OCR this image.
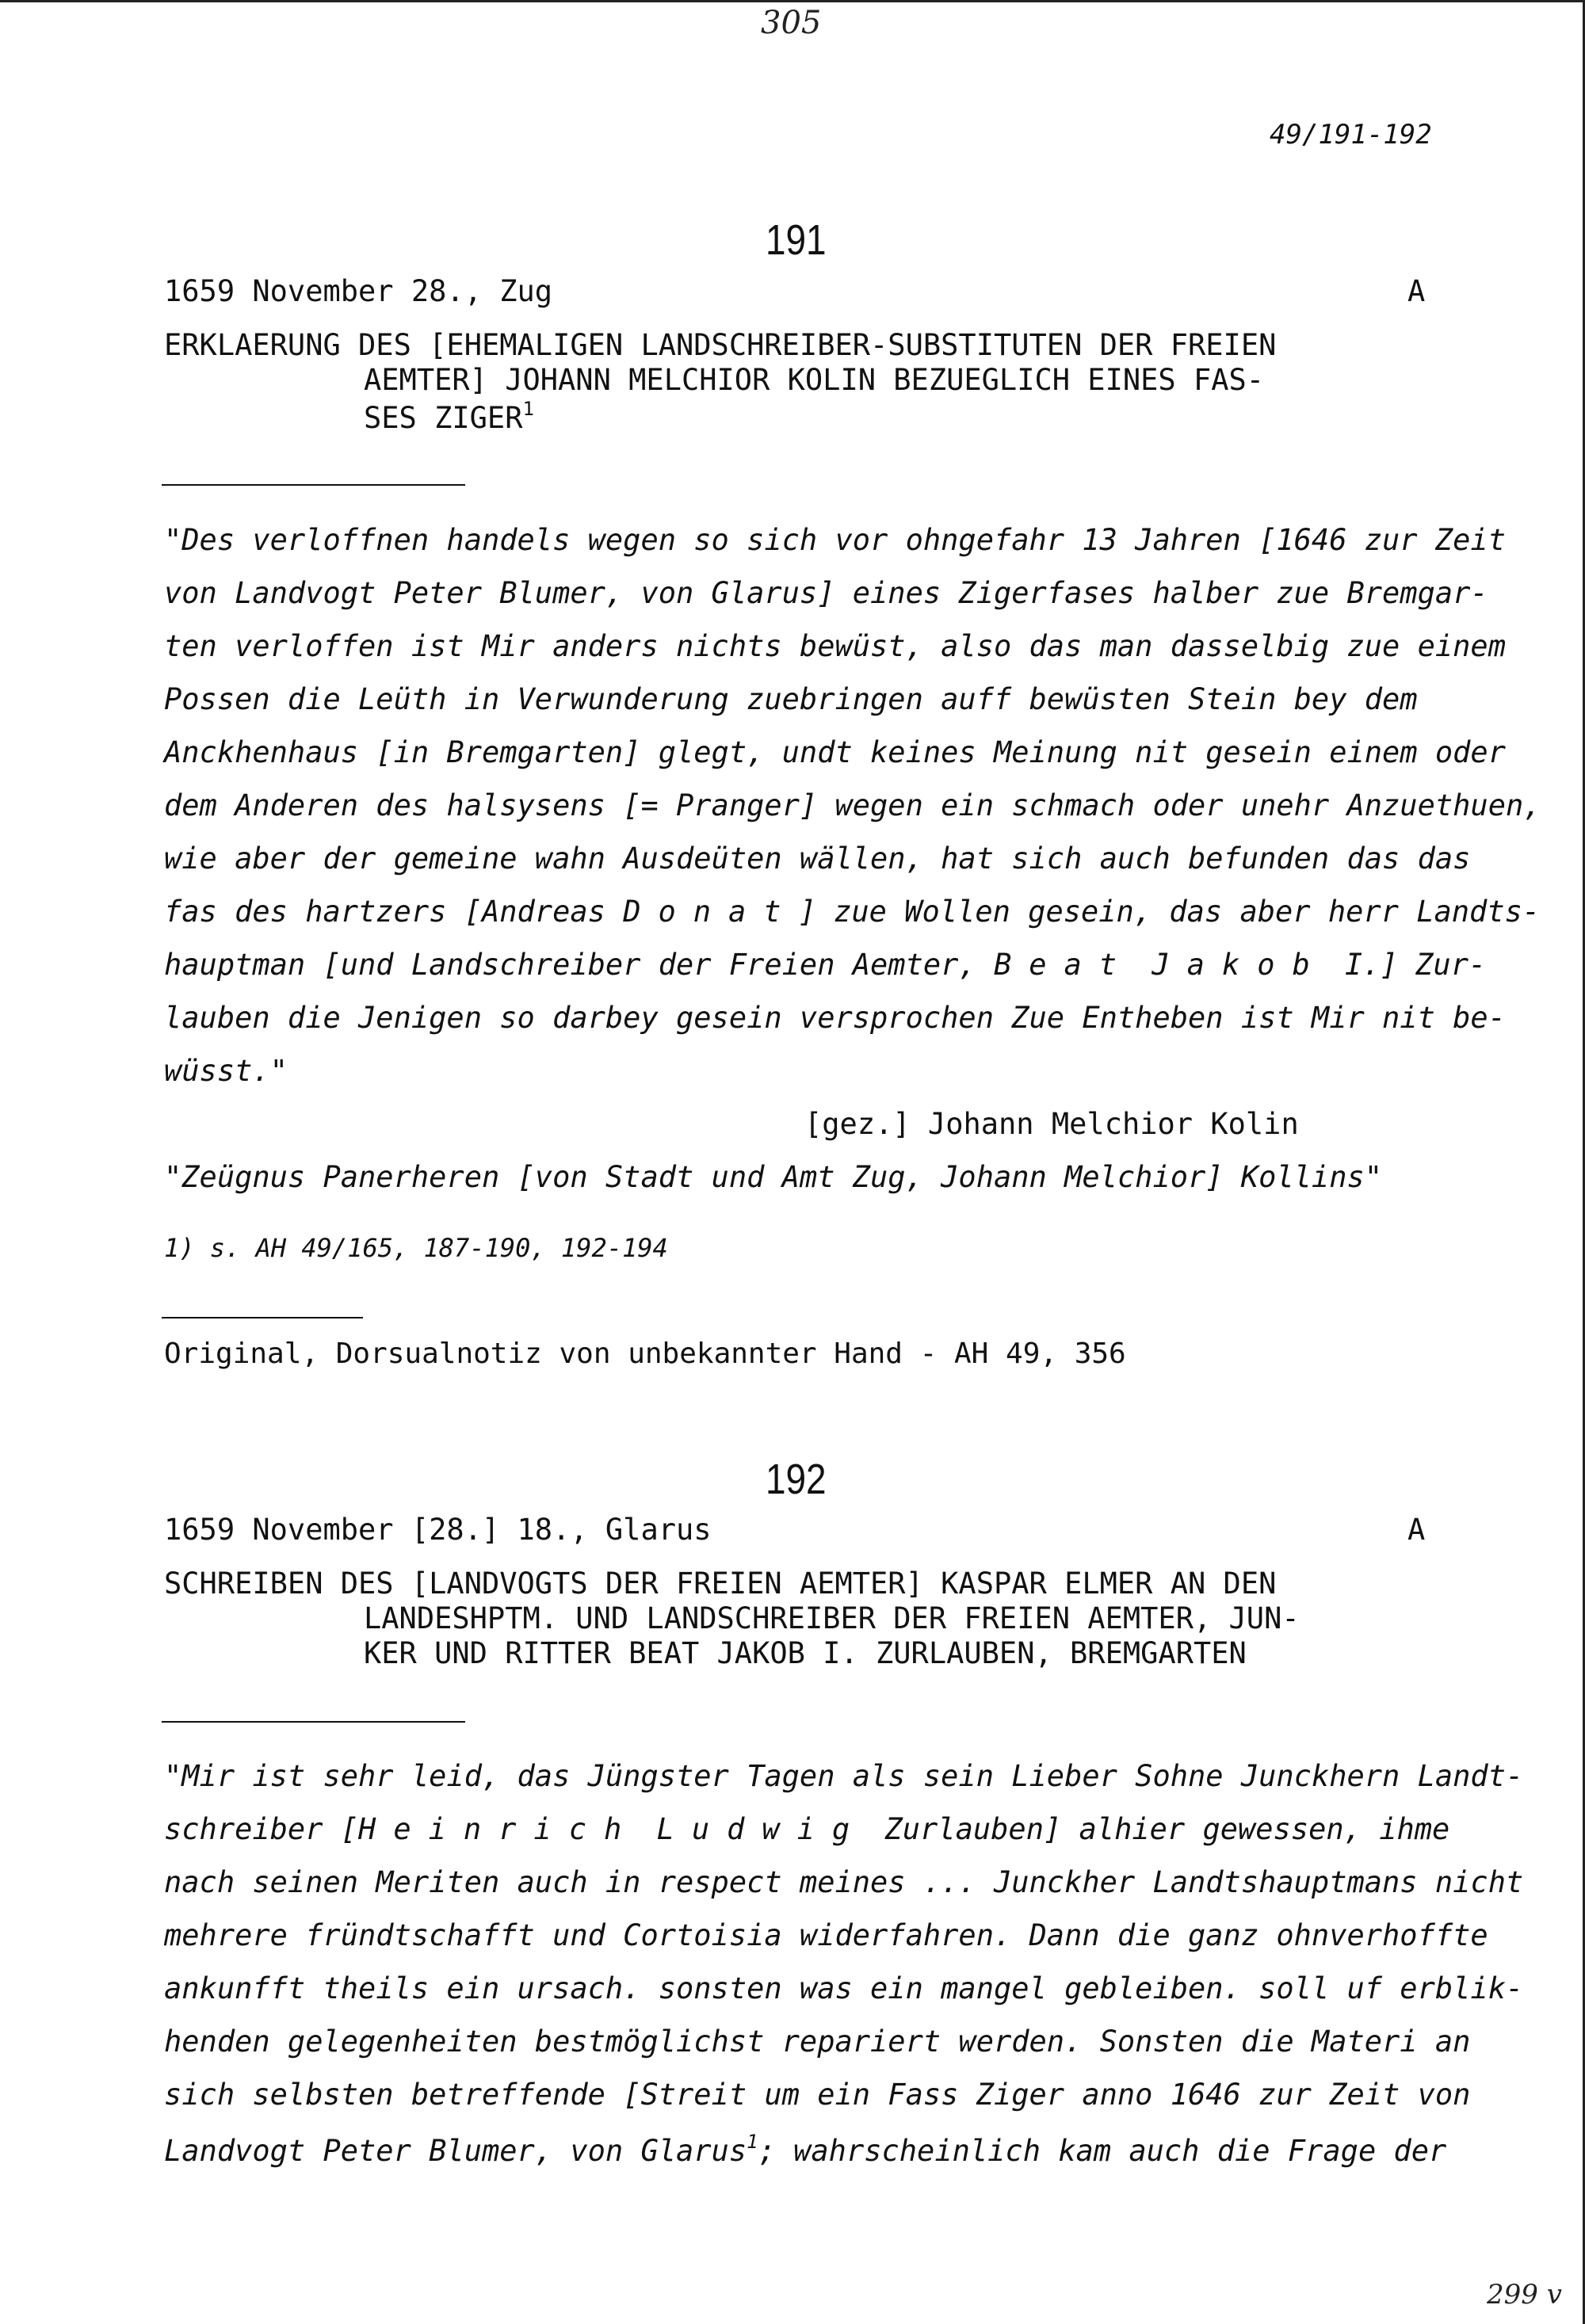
305
49/191-192
191
1659 November 28., Zug	A
ERKLAERUNG DES [EHEMALIGEN LANDSCHREIBER-SUBSTITUTEN DER FREIEN
AEMTER] JOHANN MELCHIOR KOLIN BEZUEGLICH EINES FAS-
SES ZIGER$^1$
"Des verloffnen handels wegen so sich vor ohngefahr 13 Jahren [1646 zur Zeit
von Landvogt Peter Blumer, von Glarus] eines Zigerfases halber zue Bremgar-
ten verloffen ist Mir anders nichts bewüst, also das man dasselbig zue einem
Possen die Leüth in Verwunderung zuebringen auff bewüsten Stein bey dem
Anckhenhaus [in Bremgarten] glegt, undt keines Meinung nit gesein einem oder
dem Anderen des halsysens [= Pranger] wegen ein schmach oder unehr Anzuethuen,
wie aber der gemeine wahn Ausdeüten wällen, hat sich auch befunden das das
fas des hartzers [Andreas Donat] zue Wollen gesein, das aber herr Landts-
hauptman [und Landschreiber der Freien Aemter, Beat Jakob I.] Zur-
lauben die Jenigen so darbey gesein versprochen Zue Entheben ist Mir nit be-
wüsst."
[gez.] Johann Melchior Kolin
"Zeügnus Panerheren [von Stadt und Amt Zug, Johann Melchior] Kollins"
1) s. AH 49/165, 187-190, 192-194
Original, Dorsualnotiz von unbekannter Hand - AH 49, 356
192
1659 November [28.] 18., Glarus	A
SCHREIBEN DES [LANDVOGTS DER FREIEN AEMTER] KASPAR ELMER AN DEN
LANDESHPTM. UND LANDSCHREIBER DER FREIEN AEMTER, JUN-
KER UND RITTER BEAT JAKOB I. ZURLAUBEN, BREMGARTEN
"Mir ist sehr leid, das Jüngster Tagen als sein Lieber Sohne Junckhern Landt-
schreiber [Heinrich Ludwig Zurlauben] alhier gewessen, ihme
nach seinen Meriten auch in respect meines ... Junckher Landtshauptmans nicht
mehrere fründtschafft und Cortoisia widerfahren. Dann die ganz ohnverhoffte
ankunfft theils ein ursach. sonsten was ein mangel gebleiben. soll uf erblik-
henden gelegenheiten bestmöglichst repariert werden. Sonsten die Materi an
sich selbsten betreffende [Streit um ein Fass Ziger anno 1646 zur Zeit von
Landvogt Peter Blumer, von Glarus$^1$; wahrscheinlich kam auch die Frage der
299 v
